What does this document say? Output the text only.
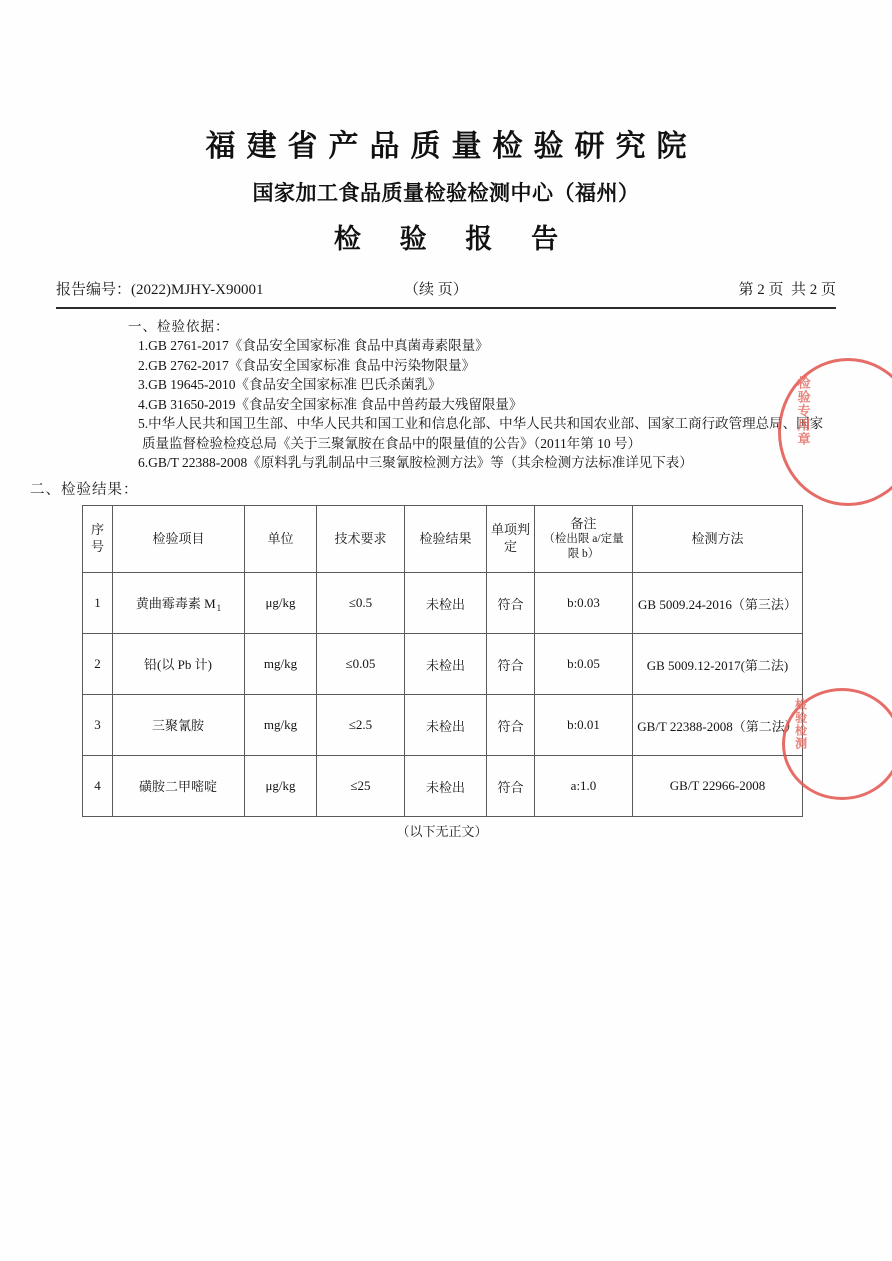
福建省产品质量检验研究院
国家加工食品质量检验检测中心（福州）
检 验 报 告
报告编号：(2022)MJHY-X90001	（续 页）	第 2 页  共 2 页
一、检验依据：
1.GB 2761-2017《食品安全国家标准 食品中真菌毒素限量》
2.GB 2762-2017《食品安全国家标准 食品中污染物限量》
3.GB 19645-2010《食品安全国家标准 巴氏杀菌乳》
4.GB 31650-2019《食品安全国家标准 食品中兽药最大残留限量》
5.中华人民共和国卫生部、中华人民共和国工业和信息化部、中华人民共和国农业部、国家工商行政管理总局、国家质量监督检验检疫总局《关于三聚氰胺在食品中的限量值的公告》（2011年第 10 号）
6.GB/T 22388-2008《原料乳与乳制品中三聚氰胺检测方法》等（其余检测方法标准详见下表）
二、检验结果：
序号	检验项目	单位	技术要求	检验结果	单项判定	备注
（检出限 a/定量限 b）	检测方法
1	黄曲霉毒素 $M_1$	μg/kg	≤0.5	未检出	符合	b:0.03	GB 5009.24-2016（第三法）
2	铅(以 Pb 计)	mg/kg	≤0.05	未检出	符合	b:0.05	GB 5009.12-2017(第二法)
3	三聚氰胺	mg/kg	≤2.5	未检出	符合	b:0.01	GB/T 22388-2008（第二法）
4	磺胺二甲嘧啶	μg/kg	≤25	未检出	符合	a:1.0	GB/T 22966-2008
（以下无正文）
检验专用章
检验检测
